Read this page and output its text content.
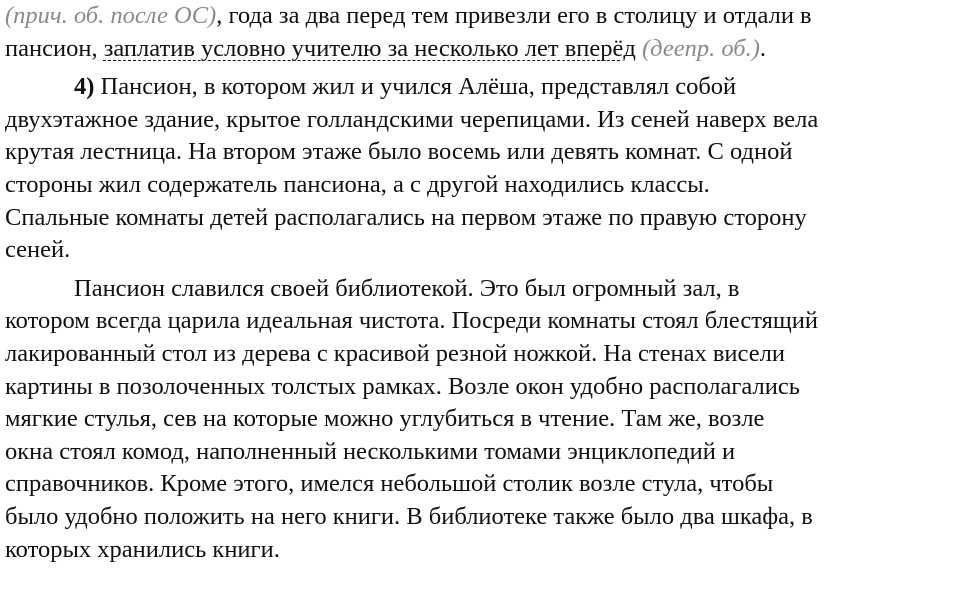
(прич. об. после ОС), года за два перед тем привезли его в столицу и отдали в
пансион, заплатив условно учителю за несколько лет вперёд (деепр. об.).
4) Пансион, в котором жил и учился Алёша, представлял собой
двухэтажное здание, крытое голландскими черепицами. Из сеней наверх вела
крутая лестница. На втором этаже было восемь или девять комнат. С одной
стороны жил содержатель пансиона, а с другой находились классы.
Спальные комнаты детей располагались на первом этаже по правую сторону
сеней.
Пансион славился своей библиотекой. Это был огромный зал, в
котором всегда царила идеальная чистота. Посреди комнаты стоял блестящий
лакированный стол из дерева с красивой резной ножкой. На стенах висели
картины в позолоченных толстых рамках. Возле окон удобно располагались
мягкие стулья, сев на которые можно углубиться в чтение. Там же, возле
окна стоял комод, наполненный несколькими томами энциклопедий и
справочников. Кроме этого, имелся небольшой столик возле стула, чтобы
было удобно положить на него книги. В библиотеке также было два шкафа, в
которых хранились книги.
